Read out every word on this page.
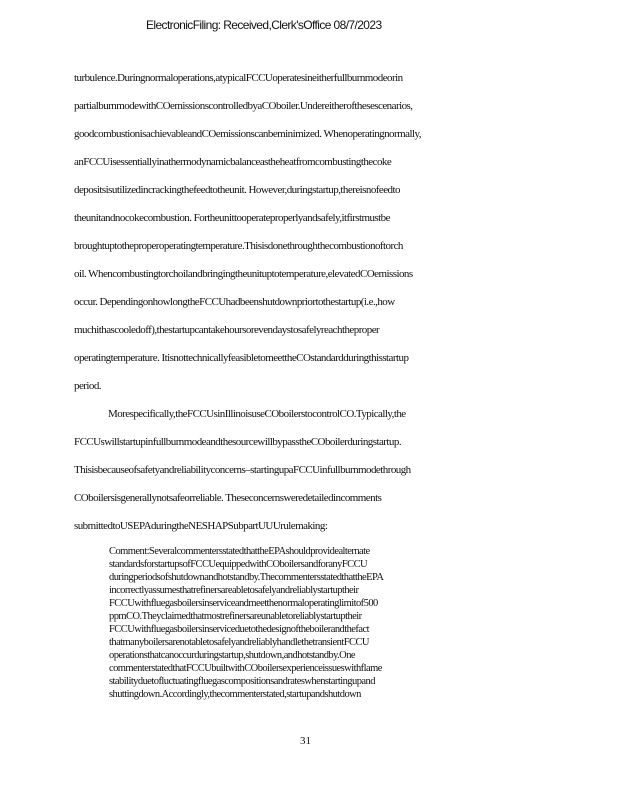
ElectronicFiling: Received,Clerk'sOffice 08/7/2023
turbulence.Duringnormaloperations,atypicalFCCUoperatesineitherfullburnmodeorin
partialburnmodewithCOemissionscontrolledbyaCOboiler.Undereitherofthesescenarios,
goodcombustionisachievableandCOemissionscanbeminimized. Whenoperatingnormally,
anFCCUisessentiallyinathermodynamicbalanceastheheatfromcombustingthecoke
depositsisutilizedincrackingthefeedtotheunit. However,duringstartup,thereisnofeedto
theunitandnocokecombustion. Fortheunittooperateproperlyandsafely,itfirstmustbe
broughtuptotheproperoperatingtemperature.Thisisdonethroughthecombustionoftorch
oil. Whencombustingtorchoilandbringingtheunituptotemperature,elevatedCOemissions
occur. DependingonhowlongtheFCCUhadbeenshutdownpriortothestartup(i.e.,how
muchithascooledoff),thestartupcantakehoursorevendaystosafelyreachtheproper
operatingtemperature. ItisnottechnicallyfeasibletomeettheCOstandardduringthisstartup
period.
Morespecifically,theFCCUsinIllinoisuseCOboilerstocontrolCO.Typically,the
FCCUswillstartupinfullburnmodeandthesourcewillbypasstheCOboilerduringstartup.
Thisisbecauseofsafetyandreliabilityconcerns–startingupaFCCUinfullburnmodethrough
COboilersisgenerallynotsafeorreliable. Theseconcernsweredetailedincomments
submittedtoUSEPAduringtheNESHAPSubpartUUUrulemaking:
Comment:SeveralcommentersstatedthattheEPAshouldprovidealternate
standardsforstartupsofFCCUequippedwithCOboilersandforanyFCCU
duringperiodsofshutdownandhotstandby.ThecommentersstatedthattheEPA
incorrectlyassumesthatrefinersareabletosafelyandreliablystartuptheir
FCCUwithfluegasboilersinserviceandmeetthenormaloperatinglimitof500
ppmCO.Theyclaimedthatmostrefinersareunabletoreliablystartuptheir
FCCUwithfluegasboilersinserviceduetothedesignoftheboilerandthefact
thatmanyboilersarenotabletosafelyandreliablyhandlethetransientFCCU
operationsthatcanoccurduringstartup,shutdown,andhotstandby.One
commenterstatedthatFCCUbuiltwithCOboilersexperienceissueswithflame
stabilityduetofluctuatingfluegascompositionsandrateswhenstartingupand
shuttingdown.Accordingly,thecommenterstated,startupandshutdown
31
